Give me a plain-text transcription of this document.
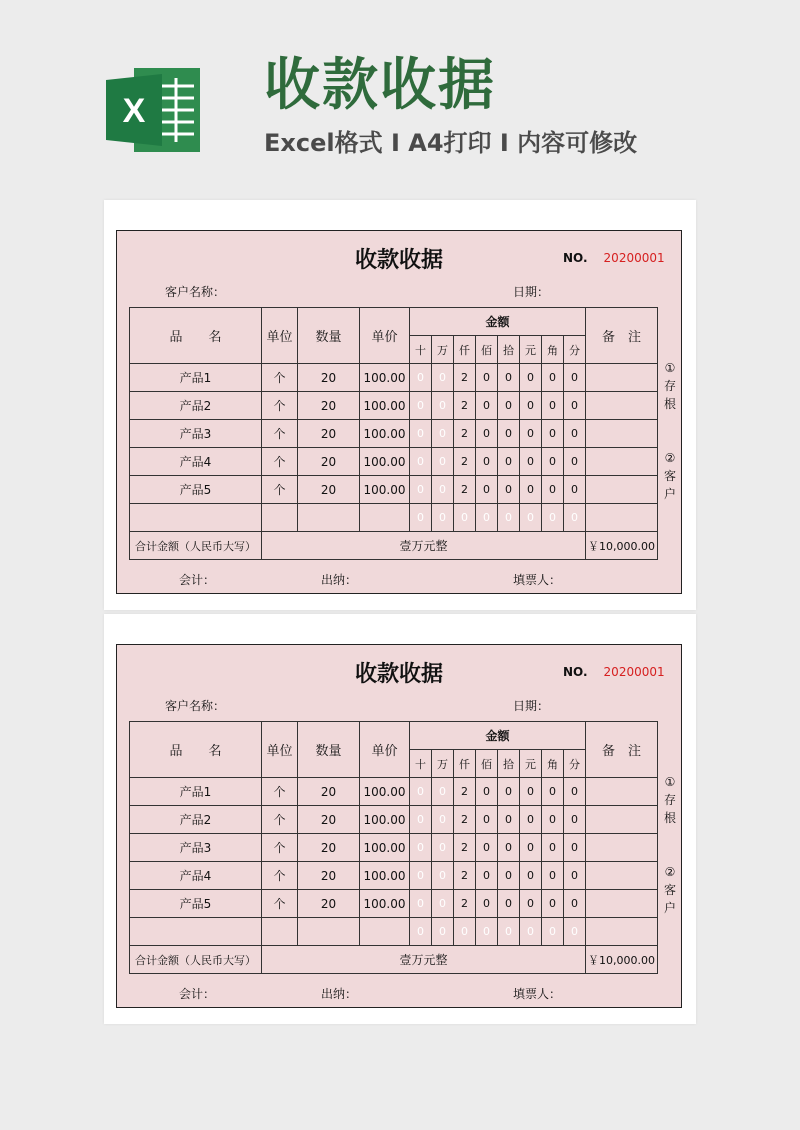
X 收款收据
Excel格式 I A4打印 I 内容可修改
收款收据	NO. 20200001
客户名称：	日期：
品　　名	单位	数量	单价	金额								备　注
				十	万	仟	佰	拾	元	角	分	
产品1	个	20	100.00	0	0	2	0	0	0	0	0	
产品2	个	20	100.00	0	0	2	0	0	0	0	0	
产品3	个	20	100.00	0	0	2	0	0	0	0	0	
产品4	个	20	100.00	0	0	2	0	0	0	0	0	
产品5	个	20	100.00	0	0	2	0	0	0	0	0	
				0	0	0	0	0	0	0	0	
合计金额（人民币大写）	壹万元整											￥10,000.00
①
存
根
②
客
户
会计：	出纳：	填票人：
收款收据	NO. 20200001
客户名称：	日期：
品　　名	单位	数量	单价	金额								备　注
				十	万	仟	佰	拾	元	角	分	
产品1	个	20	100.00	0	0	2	0	0	0	0	0	
产品2	个	20	100.00	0	0	2	0	0	0	0	0	
产品3	个	20	100.00	0	0	2	0	0	0	0	0	
产品4	个	20	100.00	0	0	2	0	0	0	0	0	
产品5	个	20	100.00	0	0	2	0	0	0	0	0	
				0	0	0	0	0	0	0	0	
合计金额（人民币大写）	壹万元整											￥10,000.00
①
存
根
②
客
户
会计：	出纳：	填票人：
